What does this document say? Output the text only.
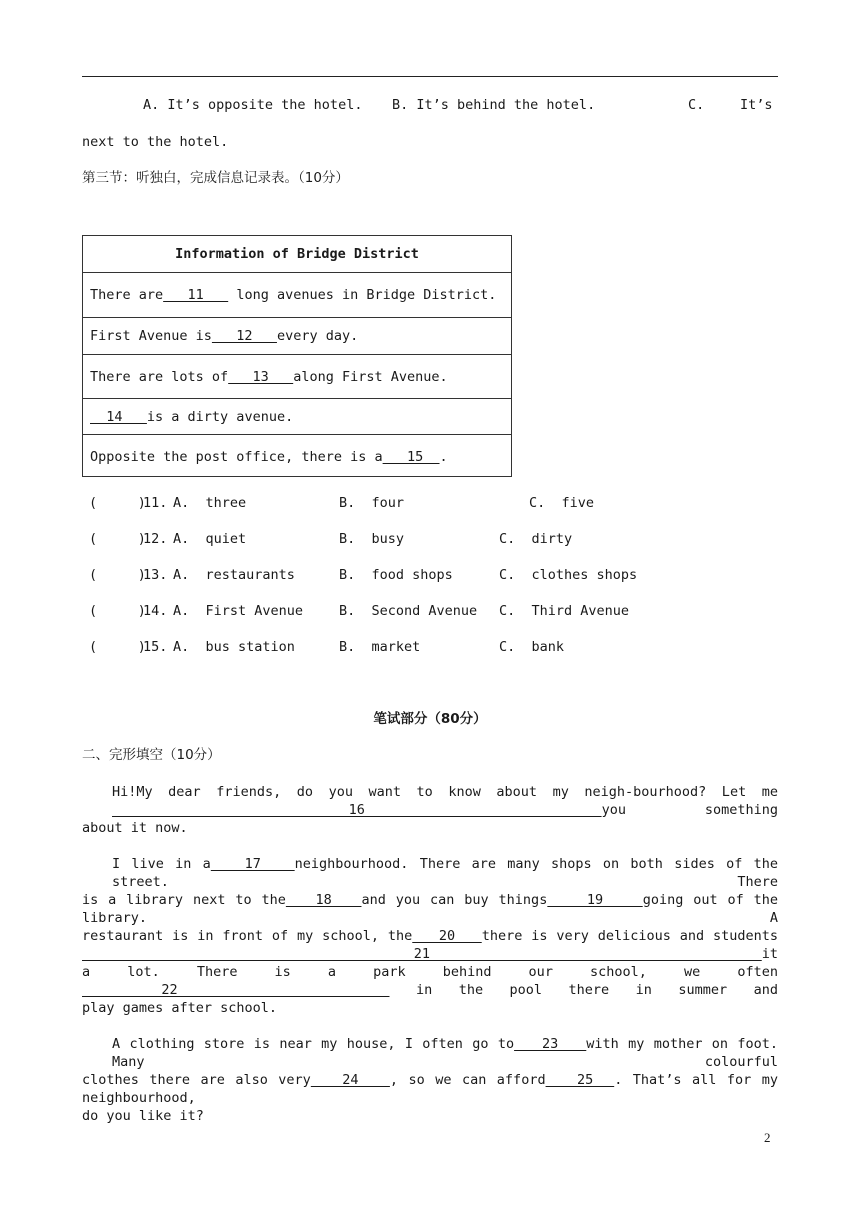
A. It’s opposite the hotel. B. It’s behind the hotel.	C.	It’s
next to the hotel.
第三节：听独白，完成信息记录表。（10分）
Information of Bridge District
There are 11 long avenues in Bridge District.
First Avenue is 12 every day.
There are lots of 13 along First Avenue.
14 is a dirty avenue.
Opposite the post office, there is a 15 .
(     )
11. A.  three	B.  four	C.  five
(     )
12. A.  quiet	B.  busy	C.  dirty
(     )
13. A.  restaurants	B.  food shops	C.  clothes shops
(     )
14. A.  First Avenue	B.  Second Avenue C.  Third Avenue
(     )
15. A.  bus station	B.  market	C.  bank
笔试部分（80分）
二、完形填空（10分）
Hi!My dear friends, do you want to know about my neigh-bourhood? Let me   16   you something
about it now.
I live in a   17   neighbourhood. There are many shops on both sides of the street. There
is a library next to the   18   and you can buy things    19    going out of the library. A
restaurant is in front of my school, the   20   there is very delicious and students    21    it
a lot. There is a park behind our school, we often   22         in the pool there in summer and
play games after school.
A clothing store is near my house, I often go to   23   with my mother on foot. Many colourful
clothes there are also very   24   , so we can afford   25  . That’s all for my neighbourhood,
do you like it?
2
